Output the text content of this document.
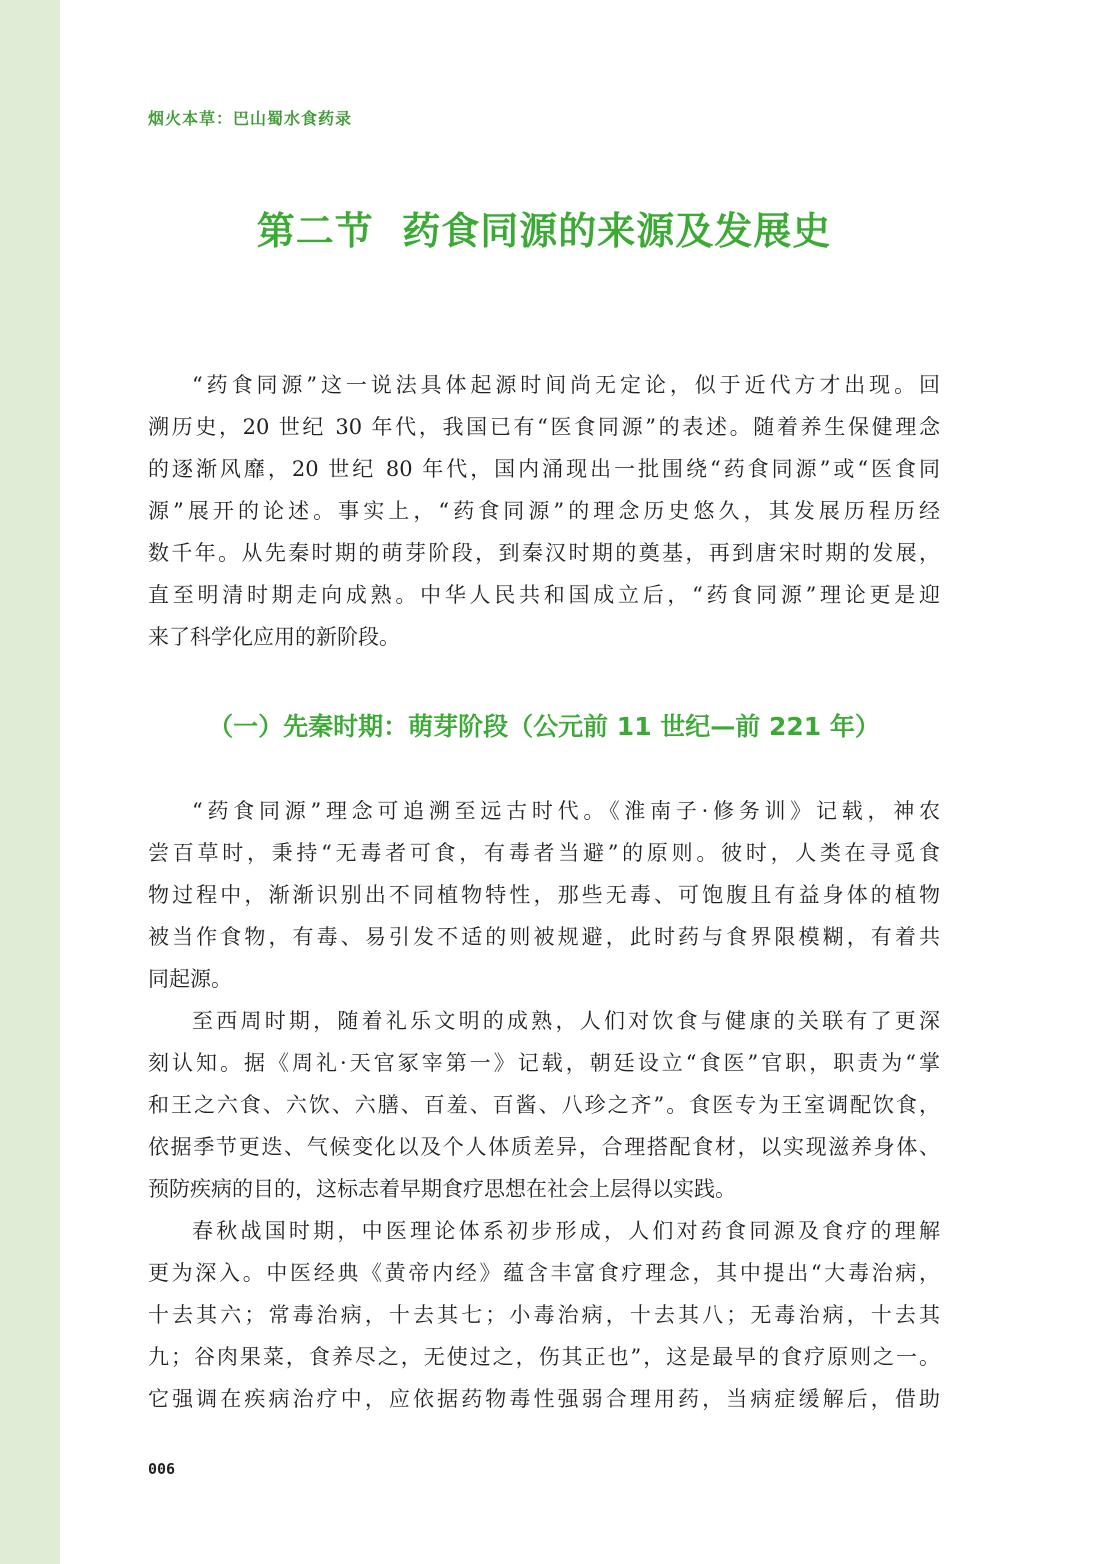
烟火本草：巴山蜀水食药录
第二节  药食同源的来源及发展史
“药食同源”这一说法具体起源时间尚无定论，似于近代方才出现。回
溯历史，20 世纪 30 年代，我国已有“医食同源”的表述。随着养生保健理念
的逐渐风靡，20 世纪 80 年代，国内涌现出一批围绕“药食同源”或“医食同
源”展开的论述。事实上，“药食同源”的理念历史悠久，其发展历程历经
数千年。从先秦时期的萌芽阶段，到秦汉时期的奠基，再到唐宋时期的发展，
直至明清时期走向成熟。中华人民共和国成立后，“药食同源”理论更是迎
来了科学化应用的新阶段。
（一）先秦时期：萌芽阶段（公元前 11 世纪—前 221 年）
“药食同源”理念可追溯至远古时代。《淮南子·修务训》记载，神农
尝百草时，秉持“无毒者可食，有毒者当避”的原则。彼时，人类在寻觅食
物过程中，渐渐识别出不同植物特性，那些无毒、可饱腹且有益身体的植物
被当作食物，有毒、易引发不适的则被规避，此时药与食界限模糊，有着共
同起源。
至西周时期，随着礼乐文明的成熟，人们对饮食与健康的关联有了更深
刻认知。据《周礼·天官冢宰第一》记载，朝廷设立“食医”官职，职责为“掌
和王之六食、六饮、六膳、百羞、百酱、八珍之齐”。食医专为王室调配饮食，
依据季节更迭、气候变化以及个人体质差异，合理搭配食材，以实现滋养身体、
预防疾病的目的，这标志着早期食疗思想在社会上层得以实践。
春秋战国时期，中医理论体系初步形成，人们对药食同源及食疗的理解
更为深入。中医经典《黄帝内经》蕴含丰富食疗理念，其中提出“大毒治病，
十去其六；常毒治病，十去其七；小毒治病，十去其八；无毒治病，十去其
九；谷肉果菜，食养尽之，无使过之，伤其正也”，这是最早的食疗原则之一。
它强调在疾病治疗中，应依据药物毒性强弱合理用药，当病症缓解后，借助
006
